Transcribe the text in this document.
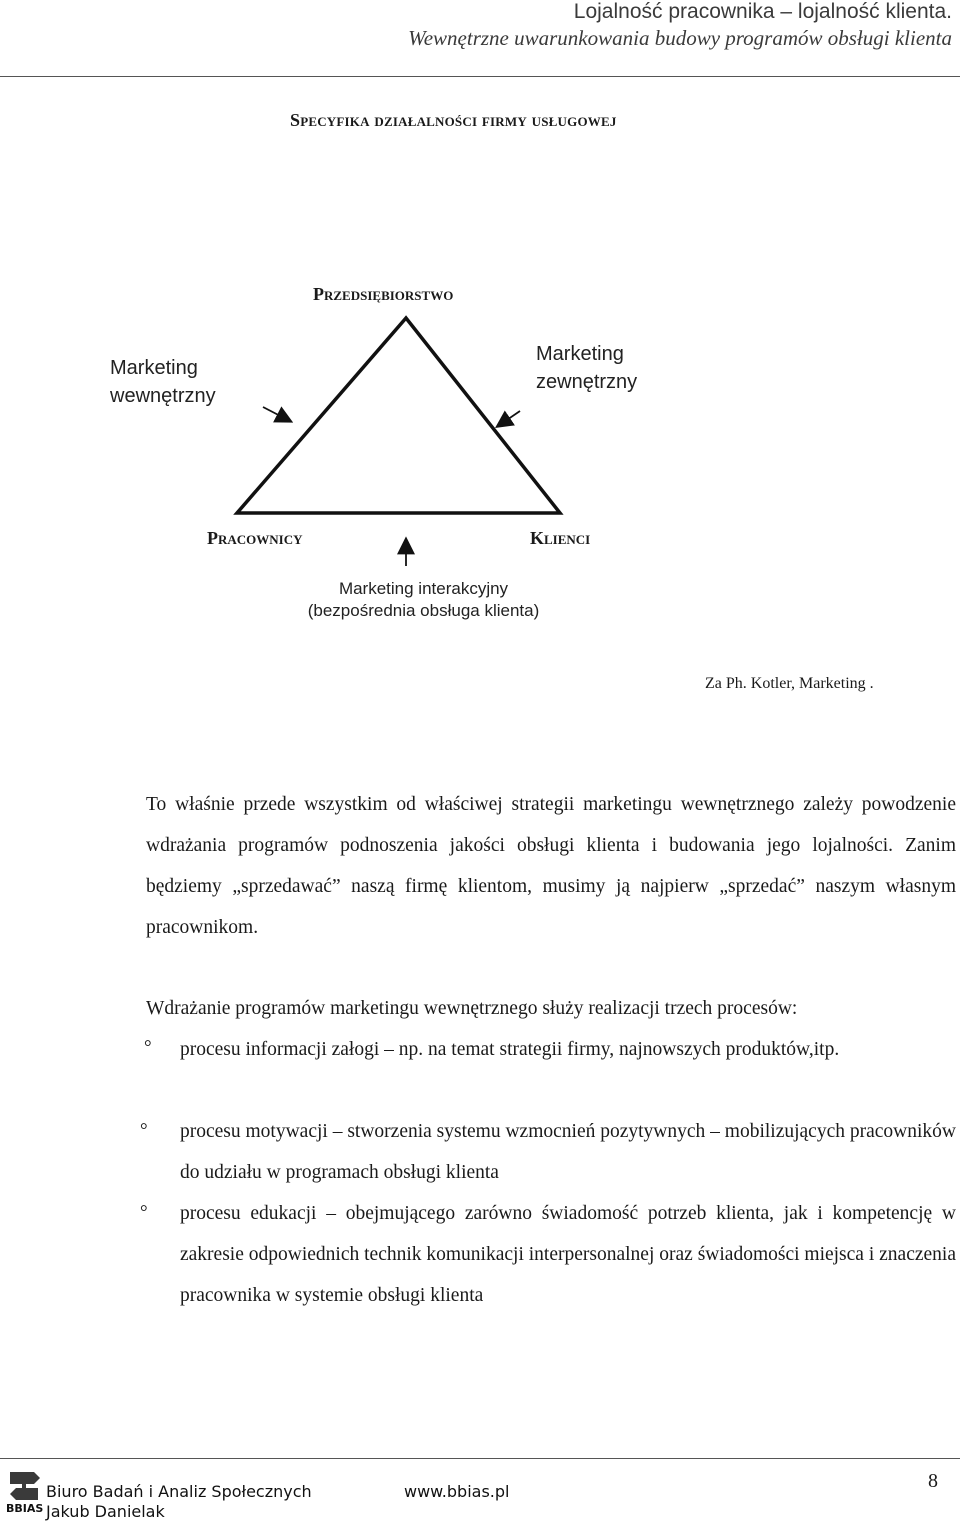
Lojalność pracownika – lojalność klienta.
Wewnętrzne uwarunkowania budowy programów obsługi klienta
Specyfika działalności firmy usługowej
Przedsiębiorstwo
Marketing
wewnętrzny
Marketing
zewnętrzny
Pracownicy	Klienci
Marketing interakcyjny
(bezpośrednia obsługa klienta)
Za Ph. Kotler, Marketing .
To właśnie przede wszystkim od właściwej strategii marketingu wewnętrznego zależy powodzenie wdrażania programów podnoszenia jakości obsługi klienta i budowania jego lojalności. Zanim będziemy „sprzedawać” naszą firmę klientom, musimy ją najpierw „sprzedać” naszym własnym pracownikom.
Wdrażanie programów marketingu wewnętrznego służy realizacji trzech procesów:
° procesu informacji załogi – np. na temat strategii firmy, najnowszych produktów,itp.
° procesu motywacji – stworzenia systemu wzmocnień pozytywnych – mobilizujących pracowników do udziału w programach obsługi klienta
° procesu edukacji – obejmującego zarówno świadomość potrzeb klienta, jak i kompetencję w zakresie odpowiednich technik komunikacji interpersonalnej oraz świadomości miejsca i znaczenia pracownika w systemie obsługi klienta
BBIAS
Biuro Badań i Analiz Społecznych
Jakub Danielak
www.bbias.pl	8
